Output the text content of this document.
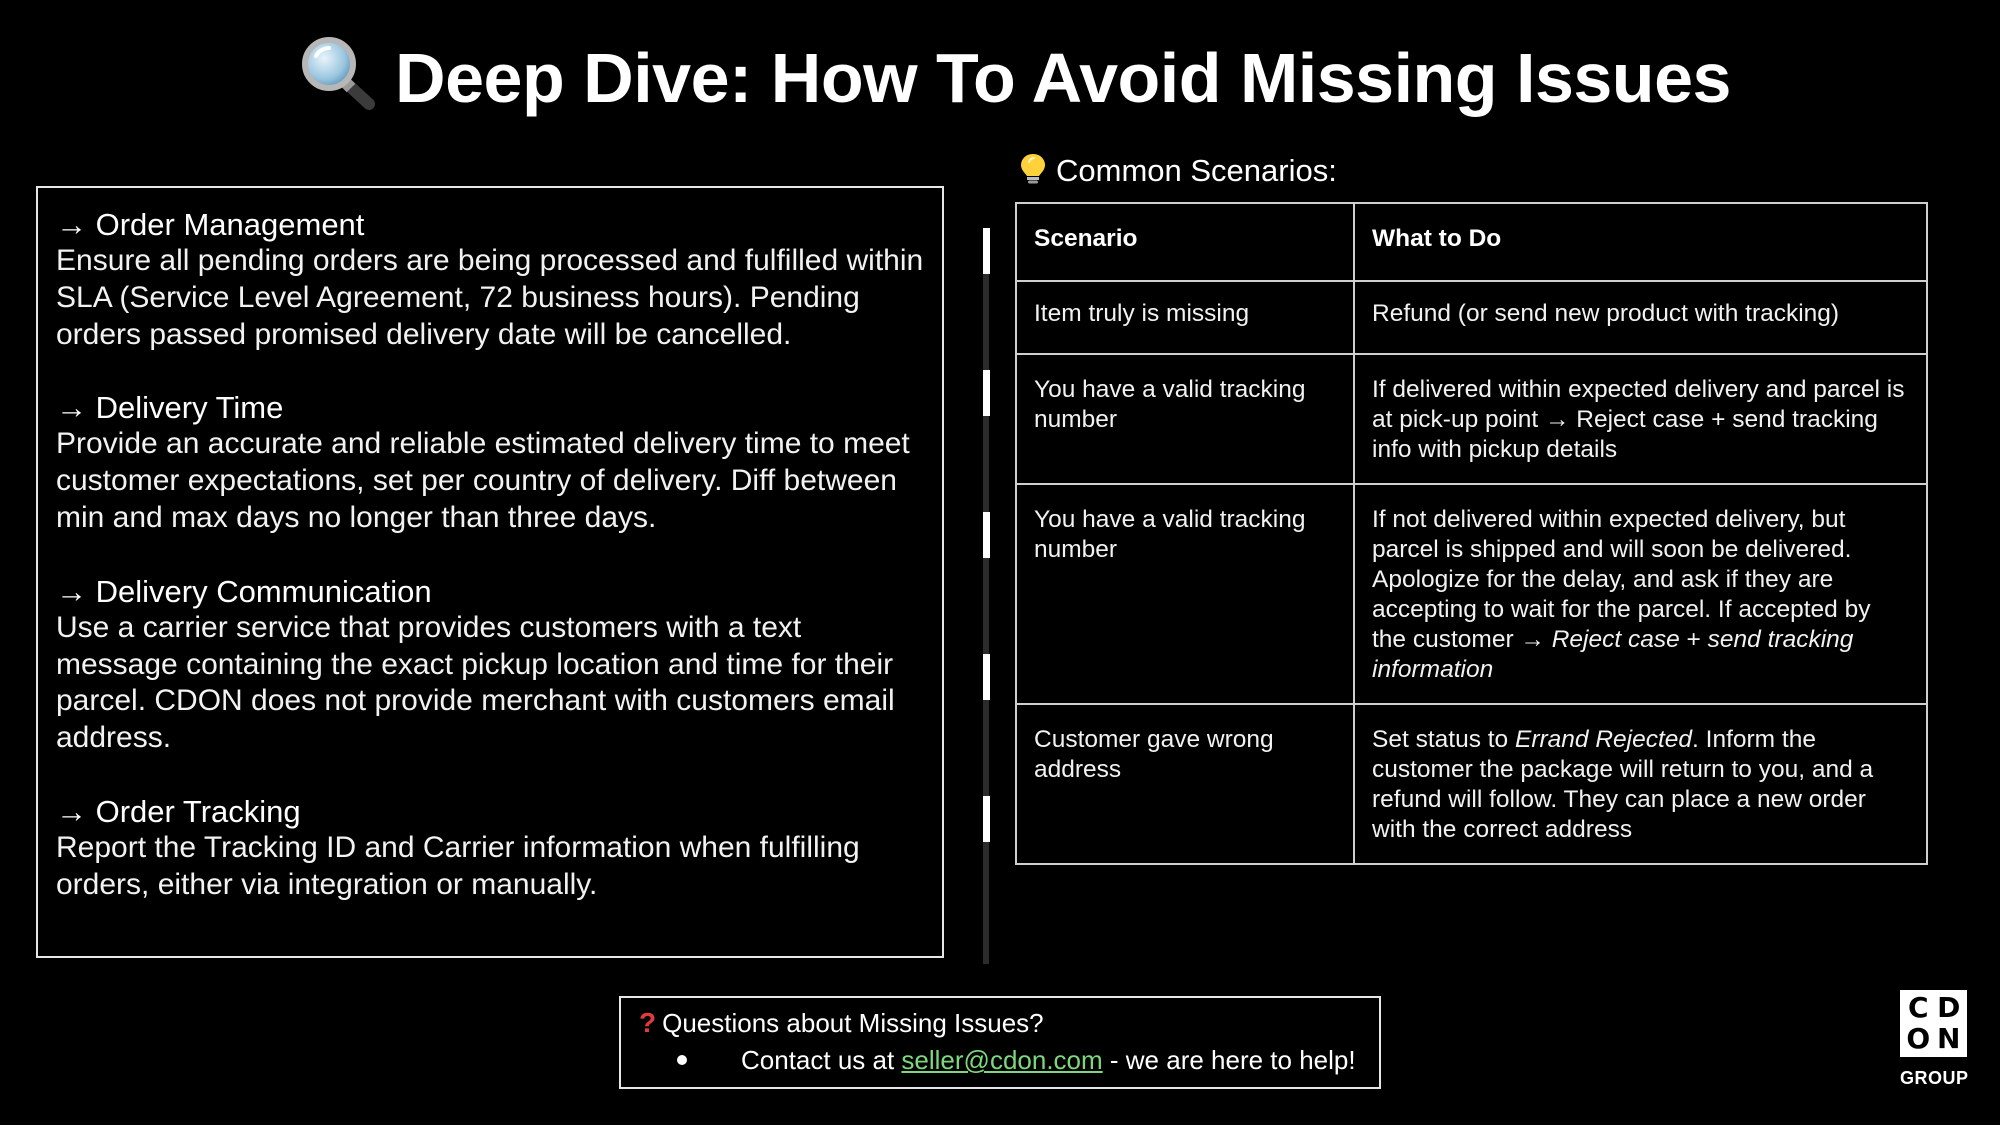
Deep Dive: How To Avoid Missing Issues
→ Order Management
Ensure all pending orders are being processed and fulfilled within SLA (Service Level Agreement, 72 business hours). Pending orders passed promised delivery date will be cancelled.
→ Delivery Time
Provide an accurate and reliable estimated delivery time to meet customer expectations, set per country of delivery. Diff between min and max days no longer than three days.
→ Delivery Communication
Use a carrier service that provides customers with a text message containing the exact pickup location and time for their parcel. CDON does not provide merchant with customers email address.
→ Order Tracking
Report the Tracking ID and Carrier information when fulfilling orders, either via integration or manually.
Common Scenarios:
Scenario	What to Do
Item truly is missing	Refund (or send new product with tracking)
You have a valid tracking number	If delivered within expected delivery and parcel is at pick-up point → Reject case + send tracking info with pickup details
You have a valid tracking number	If not delivered within expected delivery, but parcel is shipped and will soon be delivered. Apologize for the delay, and ask if they are accepting to wait for the parcel. If accepted by the customer → Reject case + send tracking information
Customer gave wrong address	Set status to Errand Rejected. Inform the customer the package will return to you, and a refund will follow. They can place a new order with the correct address
? Questions about Missing Issues?
Contact us at seller@cdon.com - we are here to help!
C D
O N
GROUP
